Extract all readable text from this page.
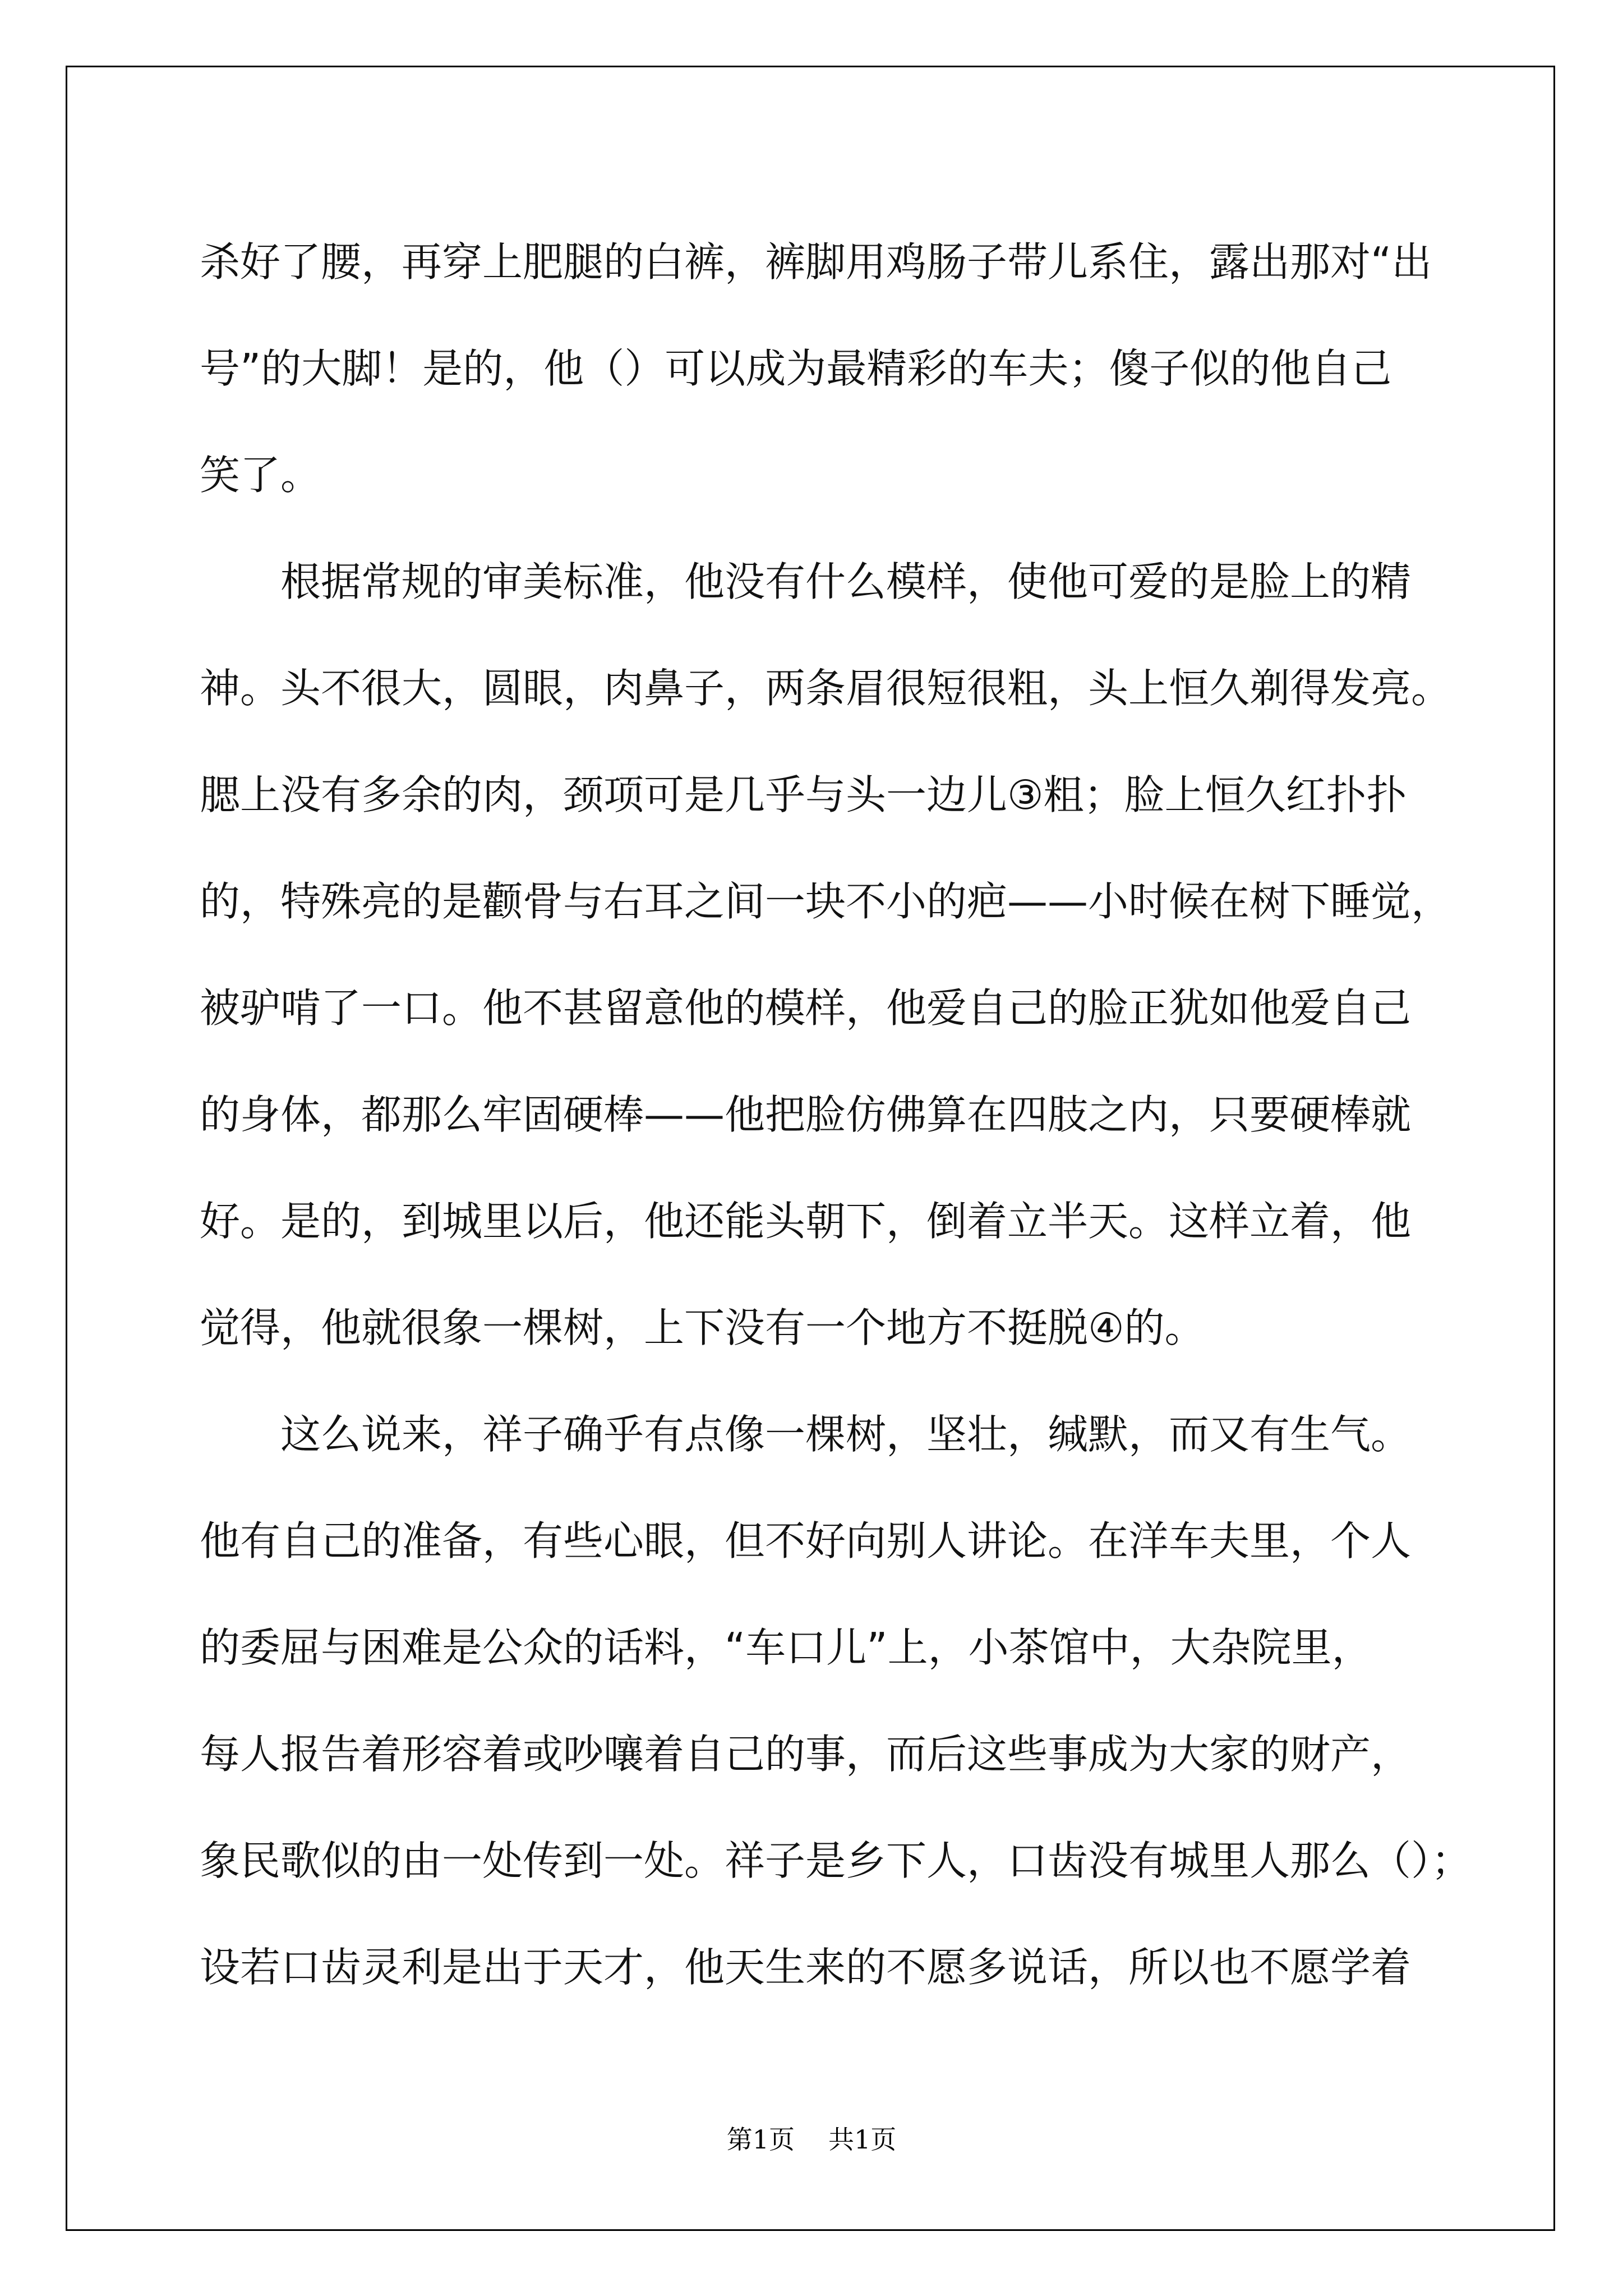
杀好了腰，再穿上肥腿的白裤，裤脚用鸡肠子带儿系住，露出那对“出
号”的大脚！是的，他（）可以成为最精彩的车夫；傻子似的他自己
笑了。

根据常规的审美标准，他没有什么模样，使他可爱的是脸上的精
神。头不很大，圆眼，肉鼻子，两条眉很短很粗，头上恒久剃得发亮。
腮上没有多余的肉，颈项可是几乎与头一边儿③粗；脸上恒久红扑扑
的，特殊亮的是颧骨与右耳之间一块不小的疤——小时候在树下睡觉，
被驴啃了一口。他不甚留意他的模样，他爱自己的脸正犹如他爱自己
的身体，都那么牢固硬棒——他把脸仿佛算在四肢之内，只要硬棒就
好。是的，到城里以后，他还能头朝下，倒着立半天。这样立着，他
觉得，他就很象一棵树，上下没有一个地方不挺脱④的。

这么说来，祥子确乎有点像一棵树，坚壮，缄默，而又有生气。
他有自己的准备，有些心眼，但不好向别人讲论。在洋车夫里，个人
的委屈与困难是公众的话料，“车口儿”上，小茶馆中，大杂院里，
每人报告着形容着或吵嚷着自己的事，而后这些事成为大家的财产，
象民歌似的由一处传到一处。祥子是乡下人，口齿没有城里人那么（）；
设若口齿灵利是出于天才，他天生来的不愿多说话，所以也不愿学着

第1页 共1页
